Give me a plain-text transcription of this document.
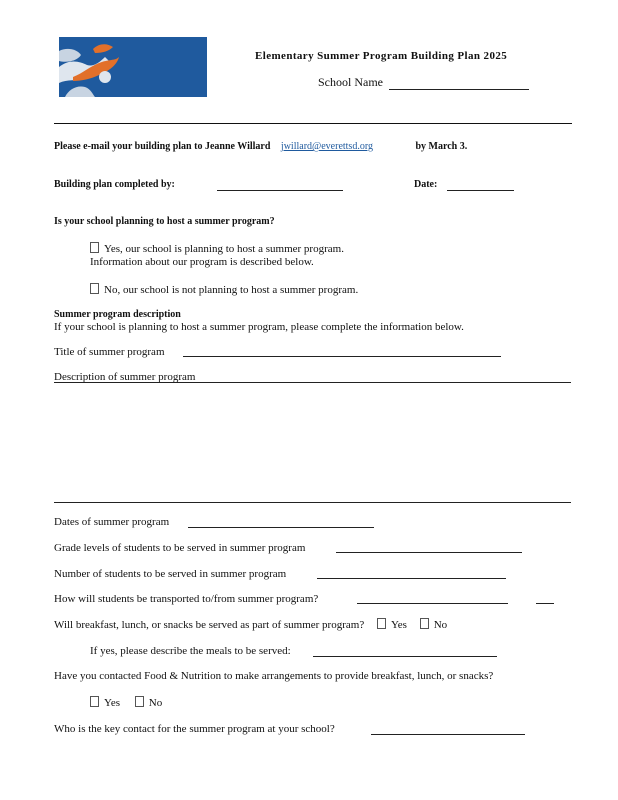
Elementary Summer Program Building Plan 2025
School Name
Please e-mail your building plan to Jeanne Willard jwillard@everettsd.org	by March 3.
Building plan completed by:	Date:
Is your school planning to host a summer program?
Yes, our school is planning to host a summer program.
Information about our program is described below.
No, our school is not planning to host a summer program.
Summer program description
If your school is planning to host a summer program, please complete the information below.
Title of summer program
Description of summer program
Dates of summer program
Grade levels of students to be served in summer program
Number of students to be served in summer program
How will students be transported to/from summer program?
Will breakfast, lunch, or snacks be served as part of summer program? Yes No
If yes, please describe the meals to be served:
Have you contacted Food & Nutrition to make arrangements to provide breakfast, lunch, or snacks?
Yes	No
Who is the key contact for the summer program at your school?
